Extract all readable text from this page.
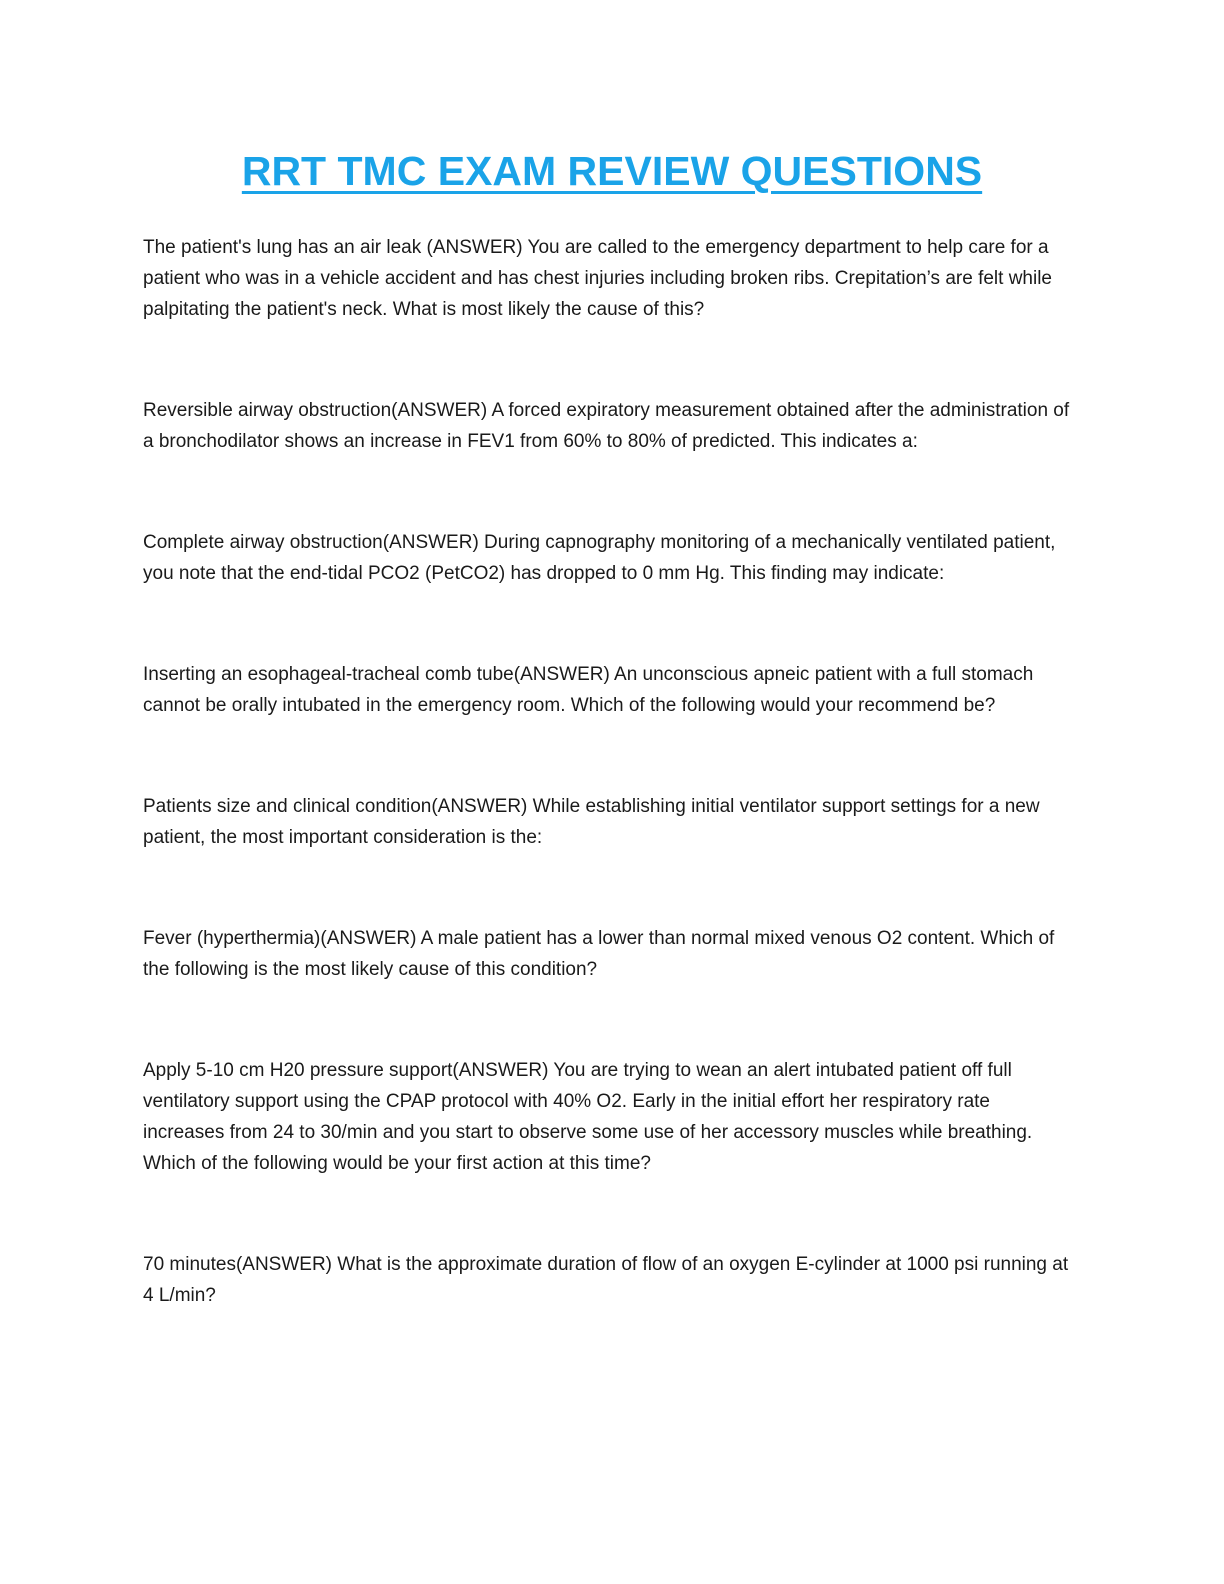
RRT TMC EXAM REVIEW QUESTIONS

The patient's lung has an air leak (ANSWER) You are called to the emergency department to help care for a patient who was in a vehicle accident and has chest injuries including broken ribs. Crepitation’s are felt while palpitating the patient's neck. What is most likely the cause of this?

Reversible airway obstruction(ANSWER) A forced expiratory measurement obtained after the administration of a bronchodilator shows an increase in FEV1 from 60% to 80% of predicted. This indicates a:

Complete airway obstruction(ANSWER) During capnography monitoring of a mechanically ventilated patient, you note that the end-tidal PCO2 (PetCO2) has dropped to 0 mm Hg. This finding may indicate:

Inserting an esophageal-tracheal comb tube(ANSWER) An unconscious apneic patient with a full stomach cannot be orally intubated in the emergency room. Which of the following would your recommend be?

Patients size and clinical condition(ANSWER) While establishing initial ventilator support settings for a new patient, the most important consideration is the:

Fever (hyperthermia)(ANSWER) A male patient has a lower than normal mixed venous O2 content. Which of the following is the most likely cause of this condition?

Apply 5-10 cm H20 pressure support(ANSWER) You are trying to wean an alert intubated patient off full ventilatory support using the CPAP protocol with 40% O2. Early in the initial effort her respiratory rate increases from 24 to 30/min and you start to observe some use of her accessory muscles while breathing. Which of the following would be your first action at this time?

70 minutes(ANSWER) What is the approximate duration of flow of an oxygen E-cylinder at 1000 psi running at 4 L/min?
